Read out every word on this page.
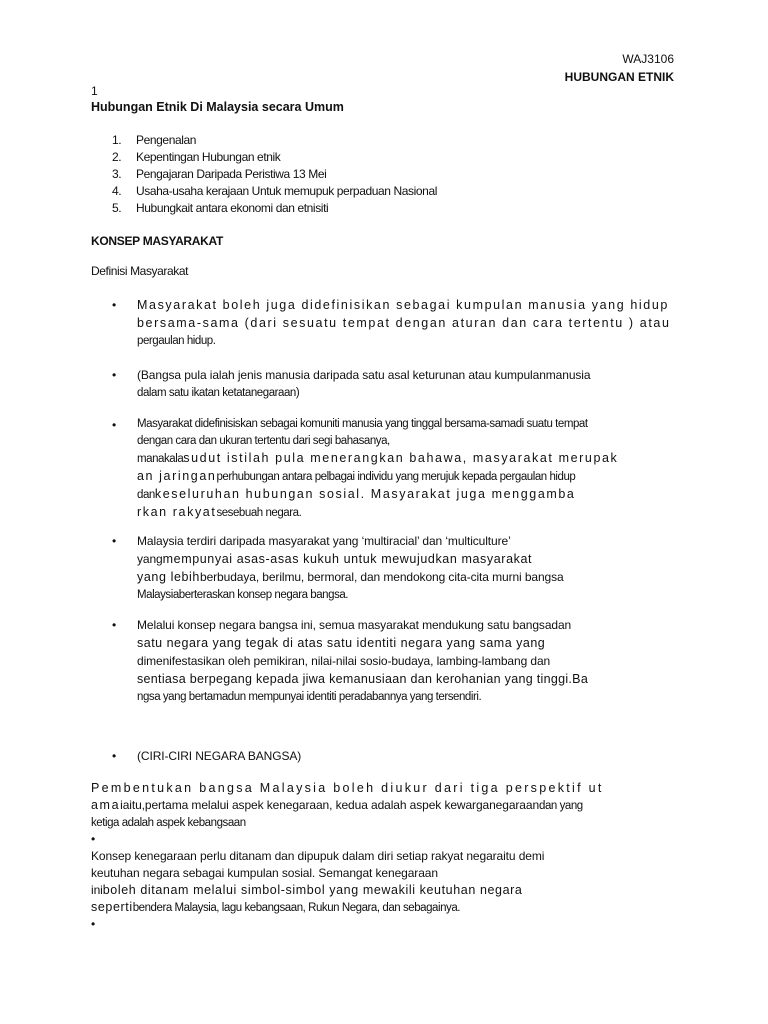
WAJ3106
HUBUNGAN ETNIK
1
Hubungan Etnik Di Malaysia secara Umum
1.	Pengenalan
2.	Kepentingan Hubungan etnik
3.	Pengajaran Daripada Peristiwa 13 Mei
4.	Usaha-usaha kerajaan Untuk memupuk perpaduan Nasional
5.	Hubungkait antara ekonomi dan etnisiti
KONSEP MASYARAKAT
Definisi Masyarakat
• Masyarakat boleh juga didefinisikan sebagai kumpulan manusia yang hidup
bersama-sama (dari sesuatu tempat dengan aturan dan cara tertentu ) atau
pergaulan hidup.
• (Bangsa pula ialah jenis manusia daripada satu asal keturunan atau kumpulanmanusia
dalam satu ikatan ketatanegaraan)
• Masyarakat didefinisiskan sebagai komuniti manusia yang tinggal bersama-samadi suatu tempat
dengan cara dan ukuran tertentu dari segi bahasanya,
manakalasudut istilah pula menerangkan bahawa, masyarakat merupak
an jaringanperhubungan antara pelbagai individu yang merujuk kepada pergaulan hidup
dankeseluruhan hubungan sosial. Masyarakat juga menggamba
rkan rakyatsesebuah negara.
• Malaysia terdiri daripada masyarakat yang ‘multiracial’ dan ‘multiculture’
yangmempunyai asas-asas kukuh untuk mewujudkan masyarakat
yang lebihberbudaya, berilmu, bermoral, dan mendokong cita-cita murni bangsa
Malaysiaberteraskan konsep negara bangsa.
• Melalui konsep negara bangsa ini, semua masyarakat mendukung satu bangsadan
satu negara yang tegak di atas satu identiti negara yang sama yang
dimenifestasikan oleh pemikiran, nilai-nilai sosio-budaya, lambing-lambang dan
sentiasa berpegang kepada jiwa kemanusiaan dan kerohanian yang tinggi.Ba
ngsa yang bertamadun mempunyai identiti peradabannya yang tersendiri.
• (CIRI-CIRI NEGARA BANGSA)
Pembentukan bangsa Malaysia boleh diukur dari tiga perspektif ut
amaiaitu,pertama melalui aspek kenegaraan, kedua adalah aspek kewarganegaraandan yang
ketiga adalah aspek kebangsaan
•
Konsep kenegaraan perlu ditanam dan dipupuk dalam diri setiap rakyat negaraitu demi
keutuhan negara sebagai kumpulan sosial. Semangat kenegaraan
iniboleh ditanam melalui simbol-simbol yang mewakili keutuhan negara
sepertibendera Malaysia, lagu kebangsaan, Rukun Negara, dan sebagainya.
•
